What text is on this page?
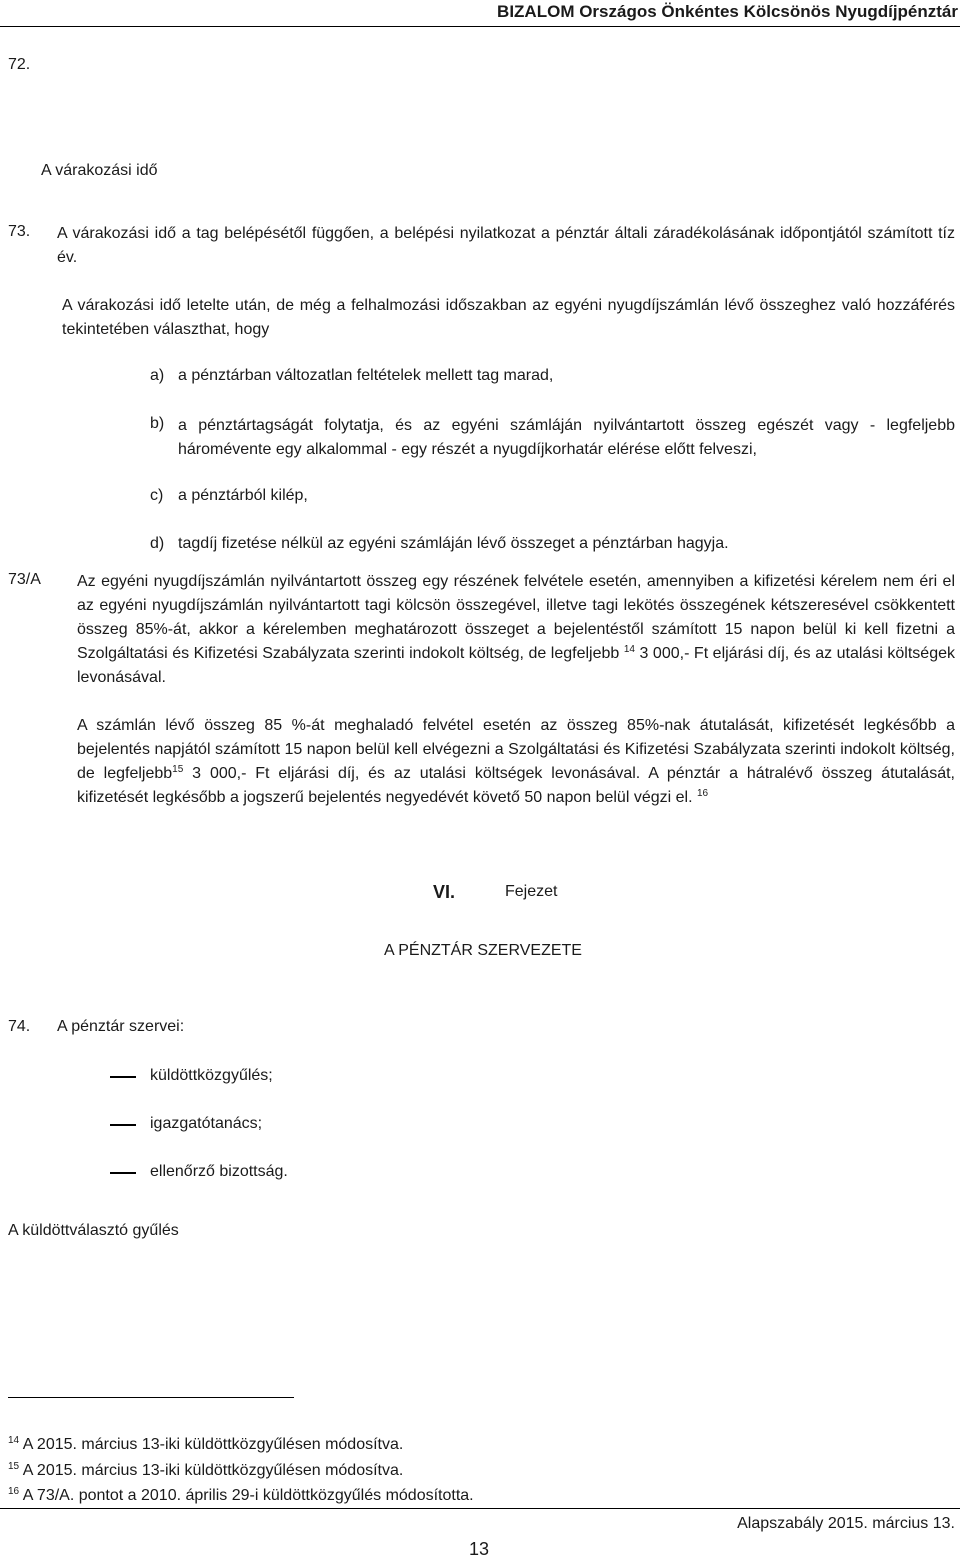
BIZALOM Országos Önkéntes Kölcsönös Nyugdíjpénztár
72.
A várakozási idő
73. A várakozási idő a tag belépésétől függően, a belépési nyilatkozat a pénztár általi záradékolásának időpontjától számított tíz év.
A várakozási idő letelte után, de még a felhalmozási időszakban az egyéni nyugdíjszámlán lévő összeghez való hozzáférés tekintetében választhat, hogy
a) a pénztárban változatlan feltételek mellett tag marad,
b) a pénztártagságát folytatja, és az egyéni számláján nyilvántartott összeg egészét vagy - legfeljebb háromévente egy alkalommal - egy részét a nyugdíjkorhatár elérése előtt felveszi,
c) a pénztárból kilép,
d) tagdíj fizetése nélkül az egyéni számláján lévő összeget a pénztárban hagyja.
73/A Az egyéni nyugdíjszámlán nyilvántartott összeg egy részének felvétele esetén, amennyiben a kifizetési kérelem nem éri el az egyéni nyugdíjszámlán nyilvántartott tagi kölcsön összegével, illetve tagi lekötés összegének kétszeresével csökkentett összeg 85%-át, akkor a kérelemben meghatározott összeget a bejelentéstől számított 15 napon belül ki kell fizetni a Szolgáltatási és Kifizetési Szabályzata szerinti indokolt költség, de legfeljebb $^{14}$ 3 000,- Ft eljárási díj, és az utalási költségek levonásával.
A számlán lévő összeg 85 %-át meghaladó felvétel esetén az összeg 85%-nak átutalását, kifizetését legkésőbb a bejelentés napjától számított 15 napon belül kell elvégezni a Szolgáltatási és Kifizetési Szabályzata szerinti indokolt költség, de legfeljebb$^{15}$ 3 000,- Ft eljárási díj, és az utalási költségek levonásával. A pénztár a hátralévő összeg átutalását, kifizetését legkésőbb a jogszerű bejelentés negyedévét követő 50 napon belül végzi el. $^{16}$
VI.	Fejezet
A PÉNZTÁR SZERVEZETE
74. A pénztár szervei:
küldöttközgyűlés;
igazgatótanács;
ellenőrző bizottság.
A küldöttválasztó gyűlés
$^{14}$ A 2015. március 13-iki küldöttközgyűlésen módosítva.
$^{15}$ A 2015. március 13-iki küldöttközgyűlésen módosítva.
$^{16}$ A 73/A. pontot a 2010. április 29-i küldöttközgyűlés módosította.
Alapszabály 2015. március 13.
13
